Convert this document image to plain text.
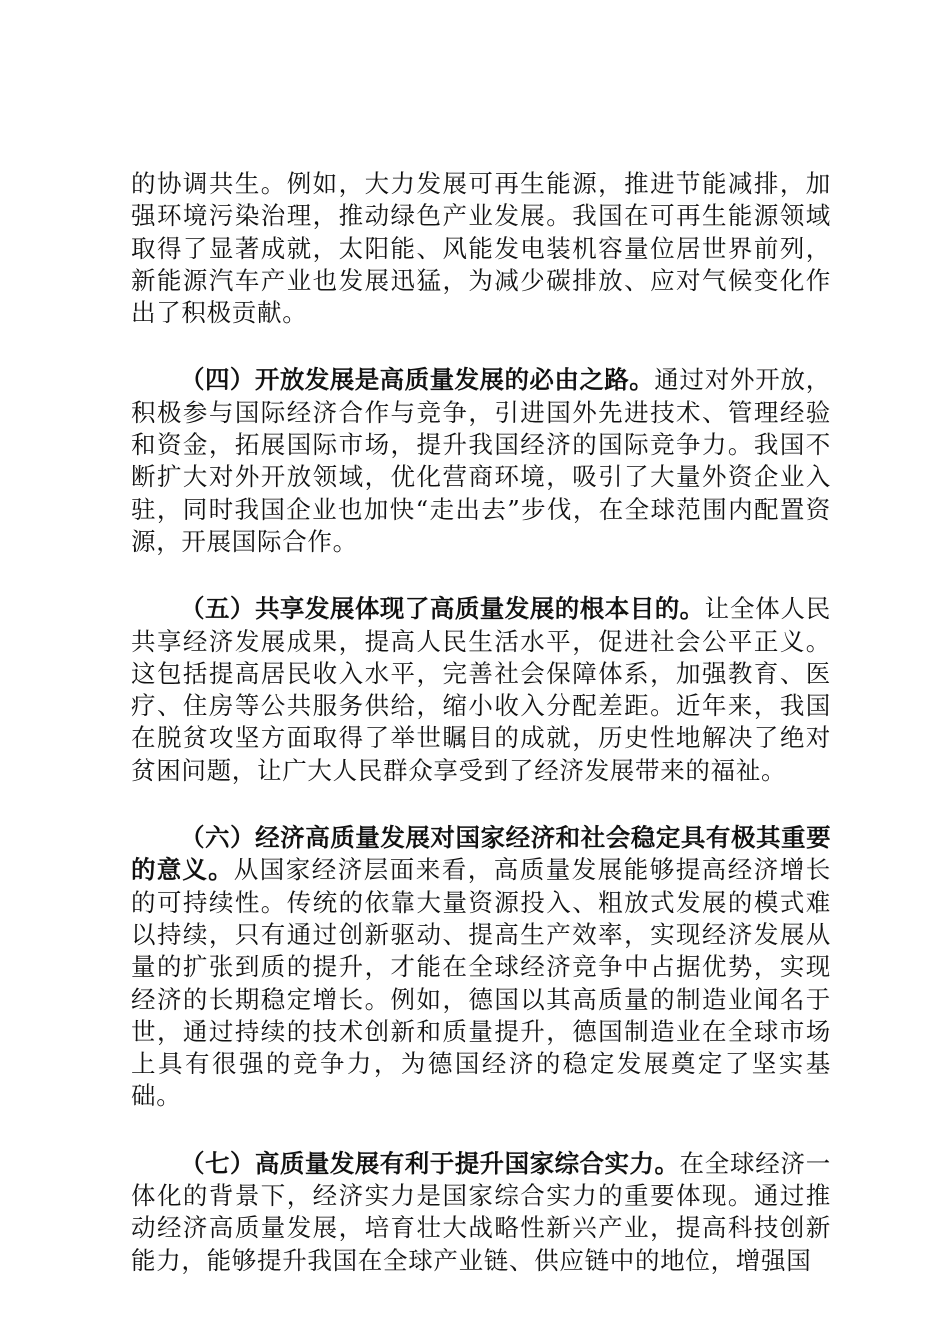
的协调共生。例如，大力发展可再生能源，推进节能减排，加强环境污染治理，推动绿色产业发展。我国在可再生能源领域取得了显著成就，太阳能、风能发电装机容量位居世界前列，新能源汽车产业也发展迅猛，为减少碳排放、应对气候变化作出了积极贡献。

（四）开放发展是高质量发展的必由之路。通过对外开放，积极参与国际经济合作与竞争，引进国外先进技术、管理经验和资金，拓展国际市场，提升我国经济的国际竞争力。我国不断扩大对外开放领域，优化营商环境，吸引了大量外资企业入驻，同时我国企业也加快“走出去”步伐，在全球范围内配置资源，开展国际合作。

（五）共享发展体现了高质量发展的根本目的。让全体人民共享经济发展成果，提高人民生活水平，促进社会公平正义。这包括提高居民收入水平，完善社会保障体系，加强教育、医疗、住房等公共服务供给，缩小收入分配差距。近年来，我国在脱贫攻坚方面取得了举世瞩目的成就，历史性地解决了绝对贫困问题，让广大人民群众享受到了经济发展带来的福祉。

（六）经济高质量发展对国家经济和社会稳定具有极其重要的意义。从国家经济层面来看，高质量发展能够提高经济增长的可持续性。传统的依靠大量资源投入、粗放式发展的模式难以持续，只有通过创新驱动、提高生产效率，实现经济发展从量的扩张到质的提升，才能在全球经济竞争中占据优势，实现经济的长期稳定增长。例如，德国以其高质量的制造业闻名于世，通过持续的技术创新和质量提升，德国制造业在全球市场上具有很强的竞争力，为德国经济的稳定发展奠定了坚实基础。

（七）高质量发展有利于提升国家综合实力。在全球经济一体化的背景下，经济实力是国家综合实力的重要体现。通过推动经济高质量发展，培育壮大战略性新兴产业，提高科技创新能力，能够提升我国在全球产业链、供应链中的地位，增强国
